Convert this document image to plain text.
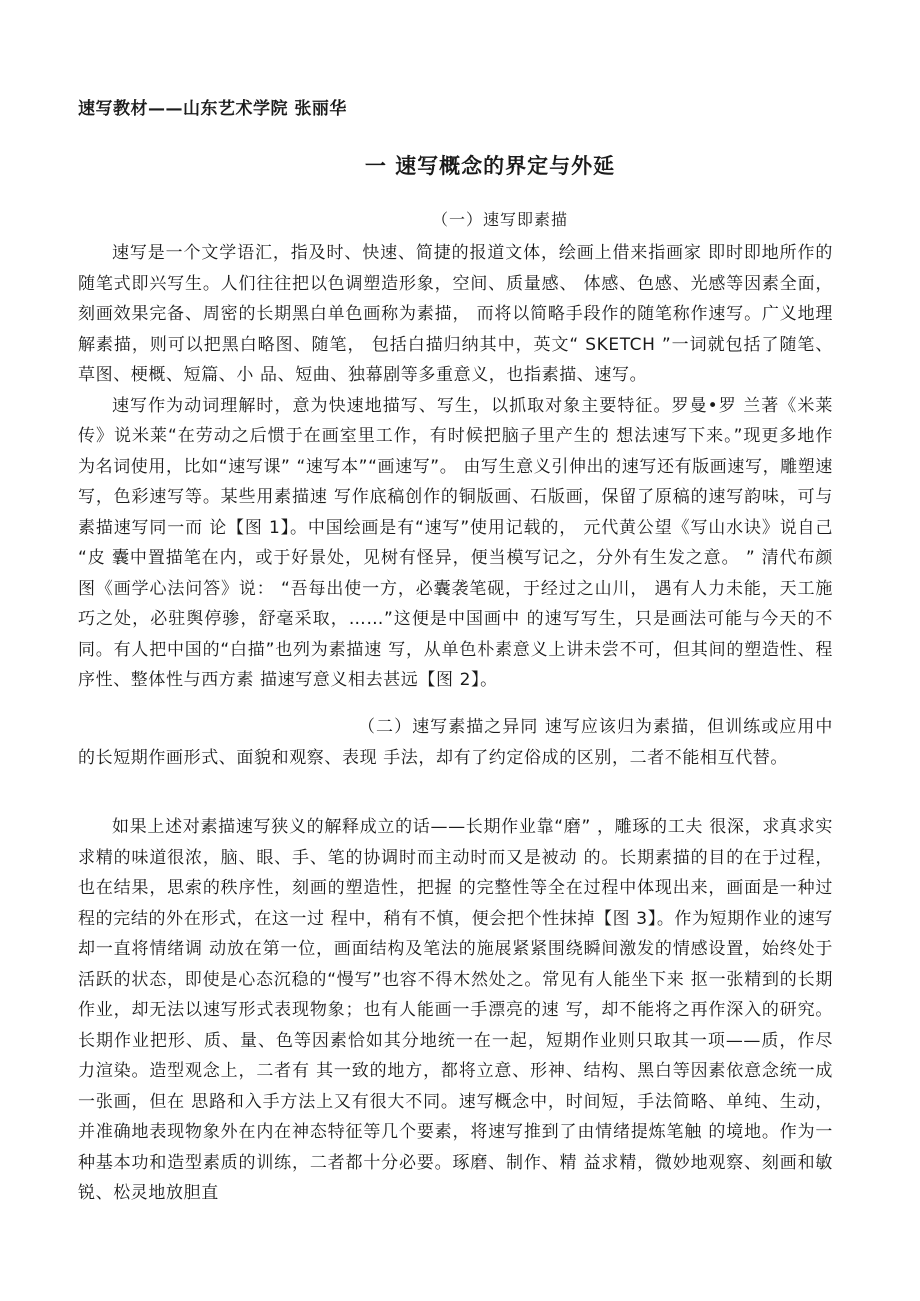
速写教材——山东艺术学院 张丽华
一 速写概念的界定与外延
（一）速写即素描

速写是一个文学语汇，指及时、快速、简捷的报道文体，绘画上借来指画家 即时即地所作的随笔式即兴写生。人们往往把以色调塑造形象，空间、质量感、 体感、色感、光感等因素全面，刻画效果完备、周密的长期黑白单色画称为素描， 而将以简略手段作的随笔称作速写。广义地理解素描，则可以把黑白略图、随笔， 包括白描归纳其中，英文“ SKETCH ”一词就包括了随笔、草图、梗概、短篇、小 品、短曲、独幕剧等多重意义，也指素描、速写。

速写作为动词理解时，意为快速地描写、写生，以抓取对象主要特征。罗曼•罗 兰著《米莱传》说米莱“在劳动之后惯于在画室里工作，有时候把脑子里产生的 想法速写下来。”现更多地作为名词使用，比如“速写课” “速写本”“画速写”。 由写生意义引伸出的速写还有版画速写，雕塑速写，色彩速写等。某些用素描速 写作底稿创作的铜版画、石版画，保留了原稿的速写韵味，可与素描速写同一而 论【图 1】。中国绘画是有“速写”使用记载的， 元代黄公望《写山水诀》说自己 “皮 囊中置描笔在内，或于好景处，见树有怪异，便当模写记之，分外有生发之意。 ” 清代布颜图《画学心法问答》说： “吾每出使一方，必囊袭笔砚，于经过之山川， 遇有人力未能，天工施巧之处，必驻舆停骖，舒毫采取，……”这便是中国画中 的速写写生，只是画法可能与今天的不同。有人把中国的“白描”也列为素描速 写，从单色朴素意义上讲未尝不可，但其间的塑造性、程序性、整体性与西方素 描速写意义相去甚远【图 2】。

（二）速写素描之异同 速写应该归为素描，但训练或应用中的长短期作画形式、面貌和观察、表现 手法，却有了约定俗成的区别，二者不能相互代替。

如果上述对素描速写狭义的解释成立的话——长期作业靠“磨” ，雕琢的工夫 很深，求真求实求精的味道很浓，脑、眼、手、笔的协调时而主动时而又是被动 的。长期素描的目的在于过程，也在结果，思索的秩序性，刻画的塑造性，把握 的完整性等全在过程中体现出来，画面是一种过程的完结的外在形式，在这一过 程中，稍有不慎，便会把个性抹掉【图 3】。作为短期作业的速写却一直将情绪调 动放在第一位，画面结构及笔法的施展紧紧围绕瞬间激发的情感设置，始终处于 活跃的状态，即使是心态沉稳的“慢写”也容不得木然处之。常见有人能坐下来 抠一张精到的长期作业，却无法以速写形式表现物象；也有人能画一手漂亮的速 写，却不能将之再作深入的研究。长期作业把形、质、量、色等因素恰如其分地统一在一起，短期作业则只取其一项——质，作尽力渲染。造型观念上，二者有 其一致的地方，都将立意、形神、结构、黑白等因素依意念统一成一张画，但在 思路和入手方法上又有很大不同。速写概念中，时间短，手法简略、单纯、生动， 并准确地表现物象外在内在神态特征等几个要素，将速写推到了由情绪提炼笔触 的境地。作为一种基本功和造型素质的训练，二者都十分必要。琢磨、制作、精 益求精，微妙地观察、刻画和敏锐、松灵地放胆直
